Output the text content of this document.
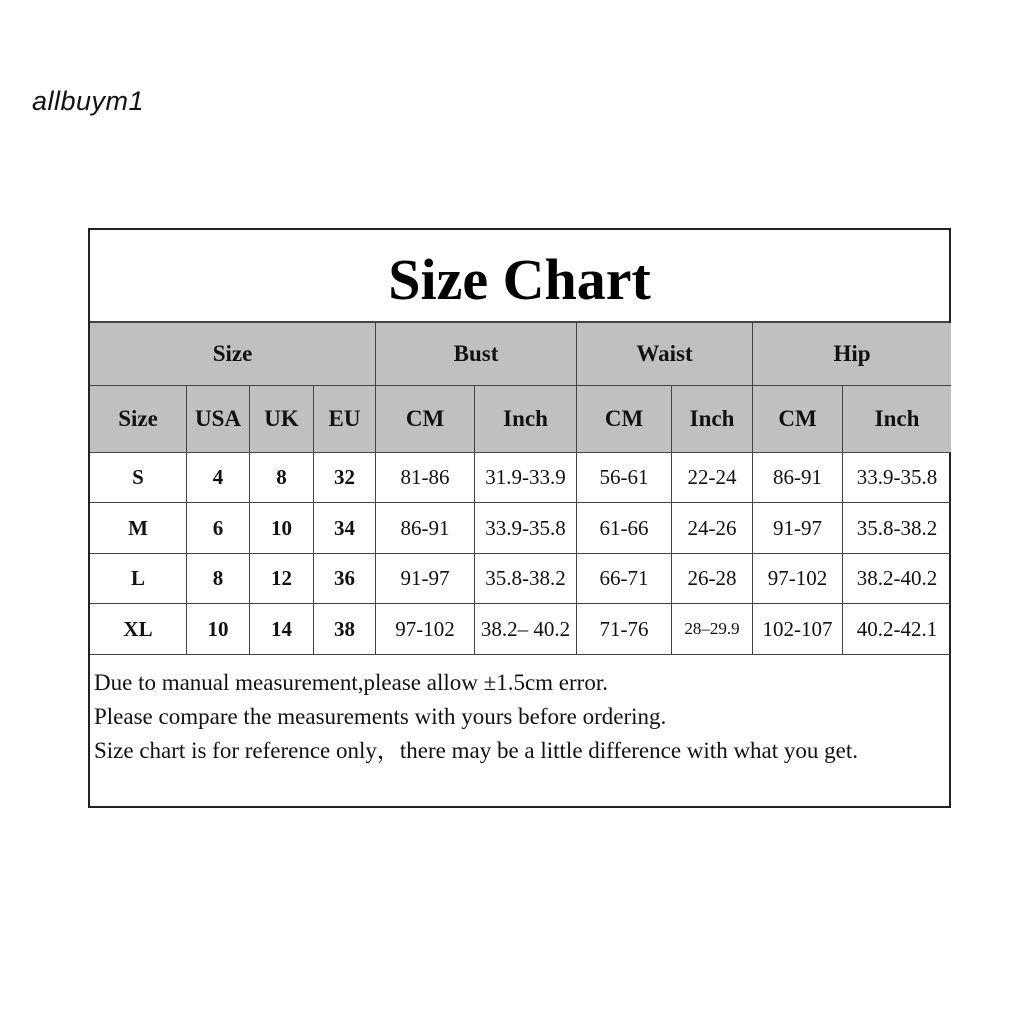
allbuym1
Size Chart
Size	Bust	Waist	Hip
Size	USA	UK	EU	CM	Inch	CM	Inch	CM	Inch
S	4	8	32	81-86	31.9-33.9	56-61	22-24	86-91	33.9-35.8
M	6	10	34	86-91	33.9-35.8	61-66	24-26	91-97	35.8-38.2
L	8	12	36	91-97	35.8-38.2	66-71	26-28	97-102	38.2-40.2
XL	10	14	38	97-102	38.2– 40.2	71-76	28–29.9	102-107	40.2-42.1
Due to manual measurement,please allow ±1.5cm error.
Please compare the measurements with yours before ordering.
Size chart is for reference only，there may be a little difference with what you get.
